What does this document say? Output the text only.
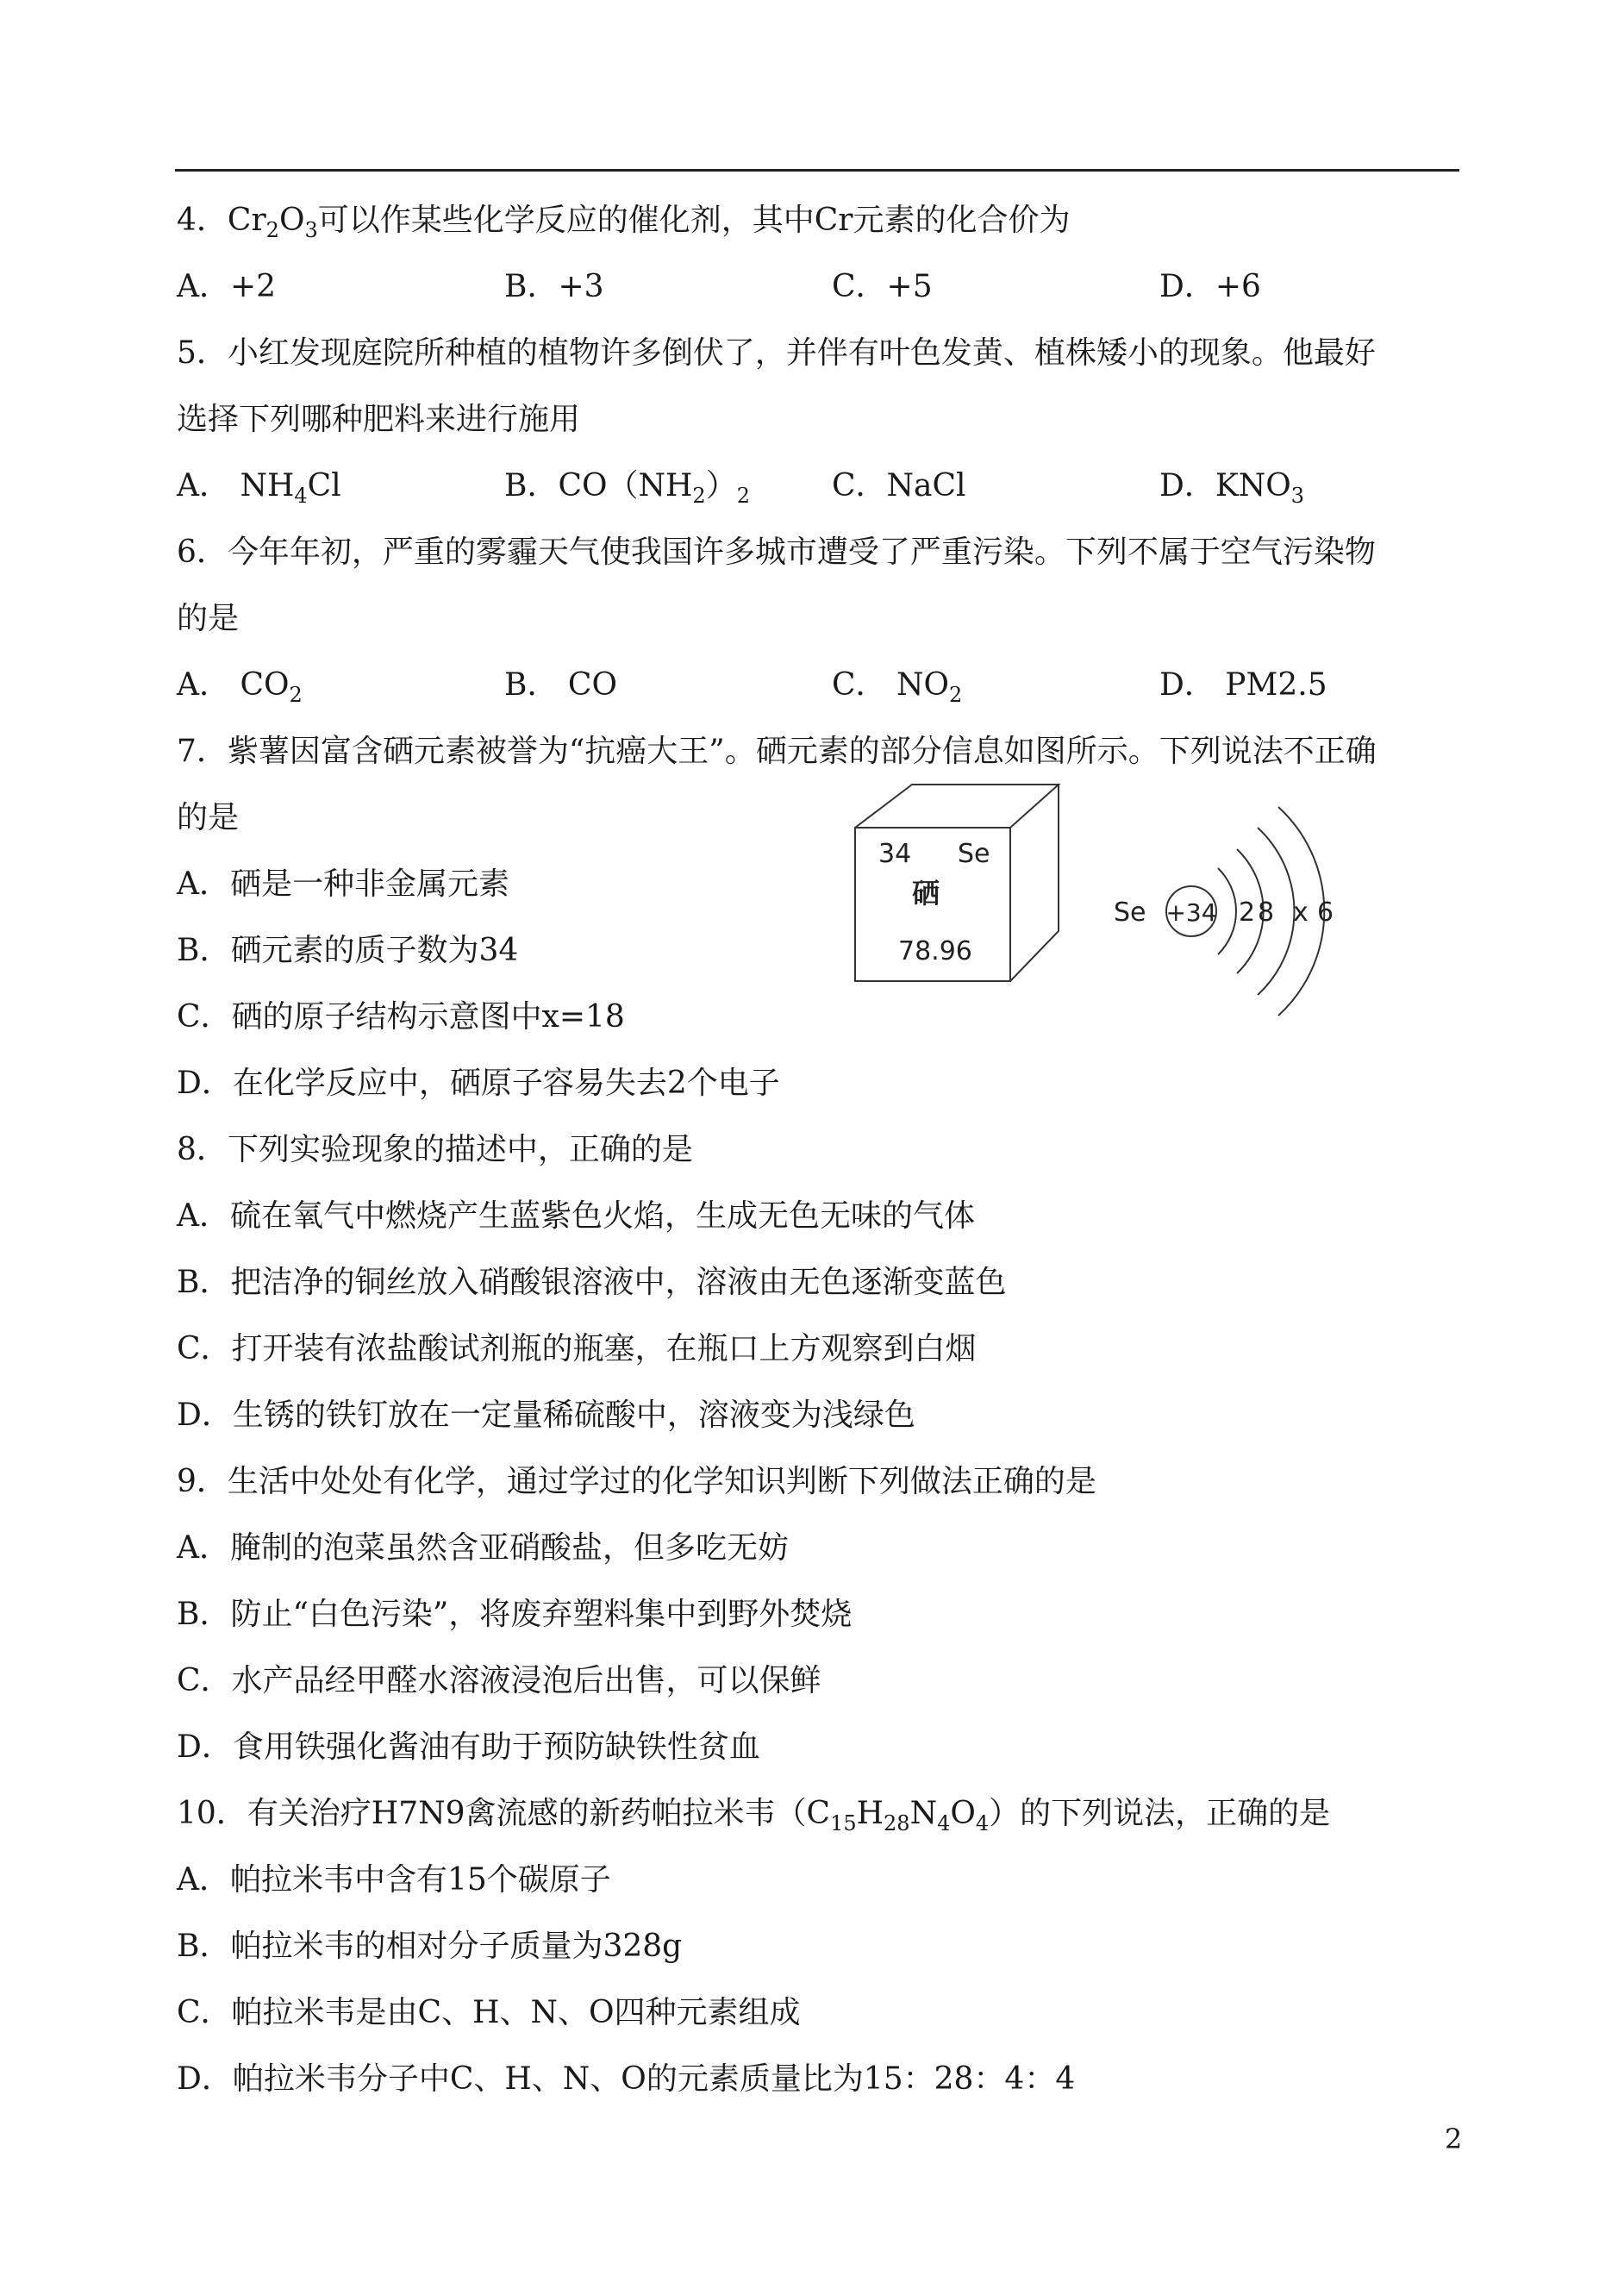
4．$Cr_2O_3$可以作某些化学反应的催化剂，其中Cr元素的化合价为
A．+2	B．+3	C．+5	D．+6
5．小红发现庭院所种植的植物许多倒伏了，并伴有叶色发黄、植株矮小的现象。他最好
选择下列哪种肥料来进行施用
A． $NH_4Cl$	B．$CO(NH_2)_2$	C．NaCl	D．$KNO_3$
6．今年年初，严重的雾霾天气使我国许多城市遭受了严重污染。下列不属于空气污染物
的是
A． $CO_2$	B． CO	C． $NO_2$	D． PM2.5
7．紫薯因富含硒元素被誉为“抗癌大王”。硒元素的部分信息如图所示。下列说法不正确
的是
A．硒是一种非金属元素
B．硒元素的质子数为34
C．硒的原子结构示意图中x=18
D．在化学反应中，硒原子容易失去2个电子
34 Se
硒
78.96
Se +34 2 8 x 6
8．下列实验现象的描述中，正确的是
A．硫在氧气中燃烧产生蓝紫色火焰，生成无色无味的气体
B．把洁净的铜丝放入硝酸银溶液中，溶液由无色逐渐变蓝色
C．打开装有浓盐酸试剂瓶的瓶塞，在瓶口上方观察到白烟
D．生锈的铁钉放在一定量稀硫酸中，溶液变为浅绿色
9．生活中处处有化学，通过学过的化学知识判断下列做法正确的是
A．腌制的泡菜虽然含亚硝酸盐，但多吃无妨
B．防止“白色污染”，将废弃塑料集中到野外焚烧
C．水产品经甲醛水溶液浸泡后出售，可以保鲜
D．食用铁强化酱油有助于预防缺铁性贫血
10．有关治疗H7N9禽流感的新药帕拉米韦$(C_{15}H_{28}N_4O_4)$的下列说法，正确的是
A．帕拉米韦中含有15个碳原子
B．帕拉米韦的相对分子质量为328g
C．帕拉米韦是由C、H、N、O四种元素组成
D．帕拉米韦分子中C、H、N、O的元素质量比为15：28：4：4
2
